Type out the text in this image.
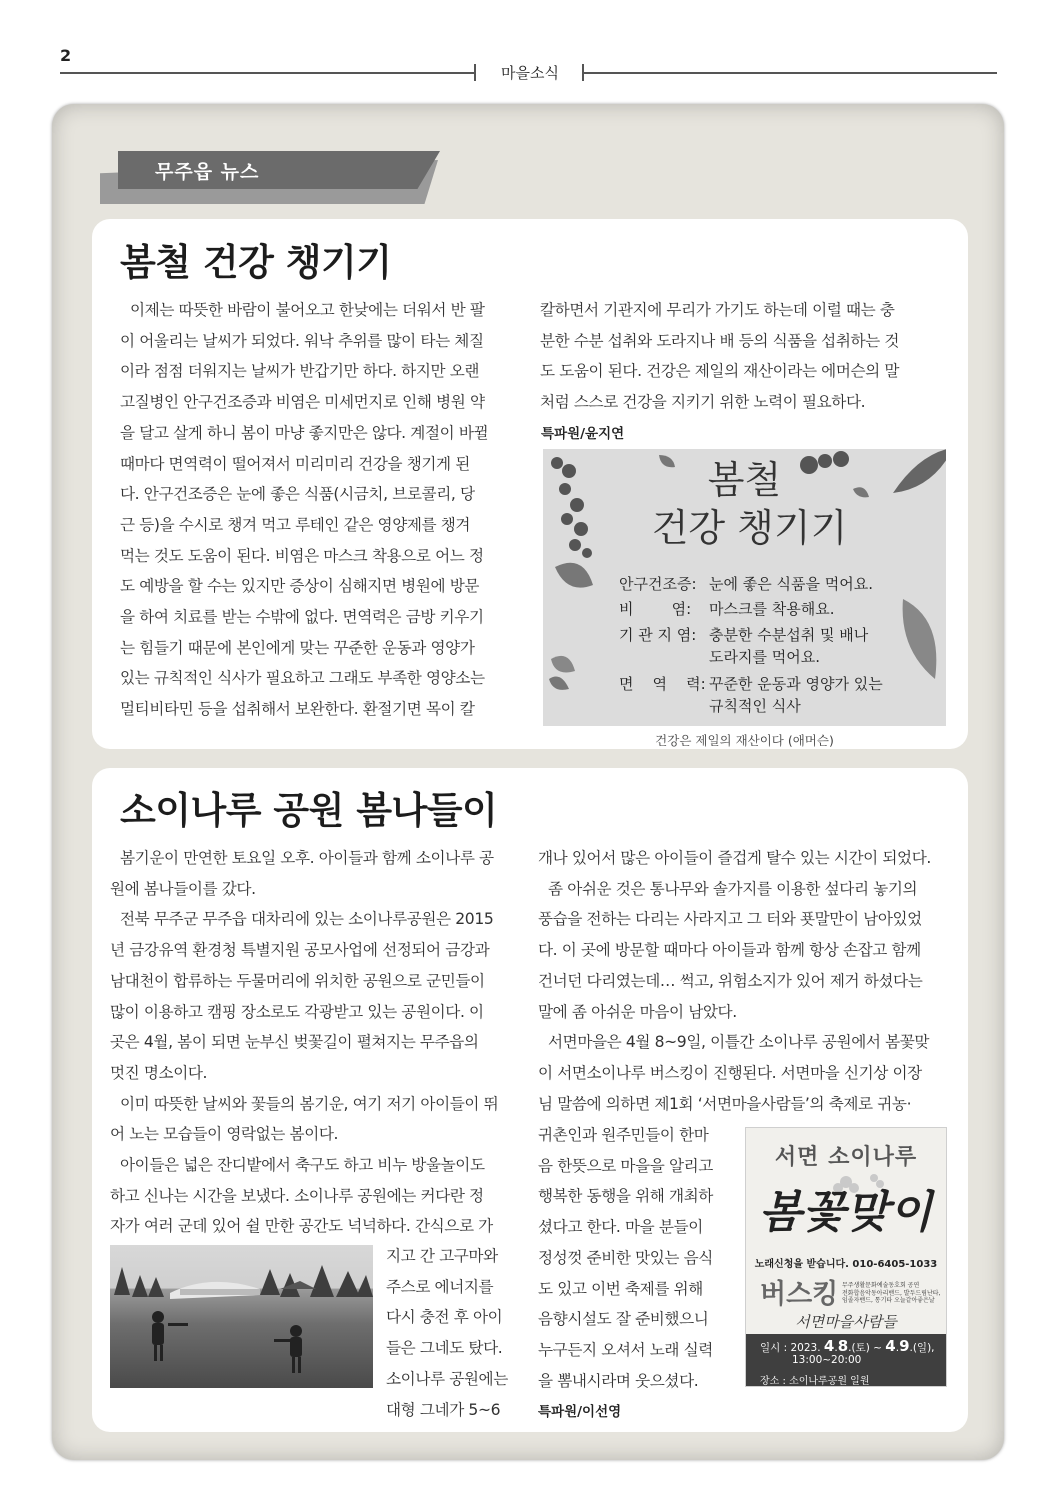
2
마을소식
무주읍 뉴스
봄철 건강 챙기기
이제는 따뜻한 바람이 불어오고 한낮에는 더워서 반 팔
이 어울리는 날씨가 되었다. 워낙 추위를 많이 타는 체질
이라 점점 더워지는 날씨가 반갑기만 하다. 하지만 오랜
고질병인 안구건조증과 비염은 미세먼지로 인해 병원 약
을 달고 살게 하니 봄이 마냥 좋지만은 않다. 계절이 바뀔
때마다 면역력이 떨어져서 미리미리 건강을 챙기게 된
다. 안구건조증은 눈에 좋은 식품(시금치, 브로콜리, 당
근 등)을 수시로 챙겨 먹고 루테인 같은 영양제를 챙겨
먹는 것도 도움이 된다. 비염은 마스크 착용으로 어느 정
도 예방을 할 수는 있지만 증상이 심해지면 병원에 방문
을 하여 치료를 받는 수밖에 없다. 면역력은 금방 키우기
는 힘들기 때문에 본인에게 맞는 꾸준한 운동과 영양가
있는 규칙적인 식사가 필요하고 그래도 부족한 영양소는
멀티비타민 등을 섭취해서 보완한다. 환절기면 목이 칼
칼하면서 기관지에 무리가 가기도 하는데 이럴 때는 충
분한 수분 섭취와 도라지나 배 등의 식품을 섭취하는 것
도 도움이 된다. 건강은 제일의 재산이라는 에머슨의 말
처럼 스스로 건강을 지키기 위한 노력이 필요하다.
특파원/윤지연
봄철
건강 챙기기
안구건조증: 눈에 좋은 식품을 먹어요.
비        염:	마스크를 착용해요.
기 관 지 염: 충분한 수분섭취 및 배나
도라지를 먹어요.
면    역    력: 꾸준한 운동과 영양가 있는
규칙적인 식사
건강은 제일의 재산이다 (애머슨)
소이나루 공원 봄나들이
봄기운이 만연한 토요일 오후. 아이들과 함께 소이나루 공
원에 봄나들이를 갔다.
전북 무주군 무주읍 대차리에 있는 소이나루공원은 2015
년 금강유역 환경청 특별지원 공모사업에 선정되어 금강과
남대천이 합류하는 두물머리에 위치한 공원으로 군민들이
많이 이용하고 캠핑 장소로도 각광받고 있는 공원이다. 이
곳은 4월, 봄이 되면 눈부신 벚꽃길이 펼쳐지는 무주읍의
멋진 명소이다.
이미 따뜻한 날씨와 꽃들의 봄기운, 여기 저기 아이들이 뛰
어 노는 모습들이 영락없는 봄이다.
아이들은 넓은 잔디밭에서 축구도 하고 비누 방울놀이도
하고 신나는 시간을 보냈다. 소이나루 공원에는 커다란 정
자가 여러 군데 있어 쉴 만한 공간도 넉넉하다. 간식으로 가
지고 간 고구마와
주스로 에너지를
다시 충전 후 아이
들은 그네도 탔다.
소이나루 공원에는
대형 그네가 5~6
개나 있어서 많은 아이들이 즐겁게 탈수 있는 시간이 되었다.
좀 아쉬운 것은 통나무와 솔가지를 이용한 섶다리 놓기의
풍습을 전하는 다리는 사라지고 그 터와 푯말만이 남아있었
다. 이 곳에 방문할 때마다 아이들과 함께 항상 손잡고 함께
건너던 다리였는데… 썩고, 위험소지가 있어 제거 하셨다는
말에 좀 아쉬운 마음이 남았다.
서면마을은 4월 8~9일, 이틀간 소이나루 공원에서 봄꽃맞
이 서면소이나루 버스킹이 진행된다. 서면마을 신기상 이장
님 말씀에 의하면 제1회 ‘서면마을사람들’의 축제로 귀농·
귀촌인과 원주민들이 한마
음 한뜻으로 마을을 알리고
행복한 동행을 위해 개최하
셨다고 한다. 마을 분들이
정성껏 준비한 맛있는 음식
도 있고 이번 축제를 위해
음향시설도 잘 준비했으니
누구든지 오셔서 노래 실력
을 뽐내시라며 웃으셨다.
특파원/이선영
서면 소이나루
봄꽃맞이
노래신청을 받습니다. 010-6405-1033
버스킹 무주생활문화예술동호회 공연
전화합음악동아리밴드, 발두드림난타,
임졸자밴드, 통기타 오늘같아좋은날
서면마을사람들
일시 : 2023. 4.8.(토) ~ 4.9.(일),
13:00~20:00
장소 : 소이나루공원 일원
